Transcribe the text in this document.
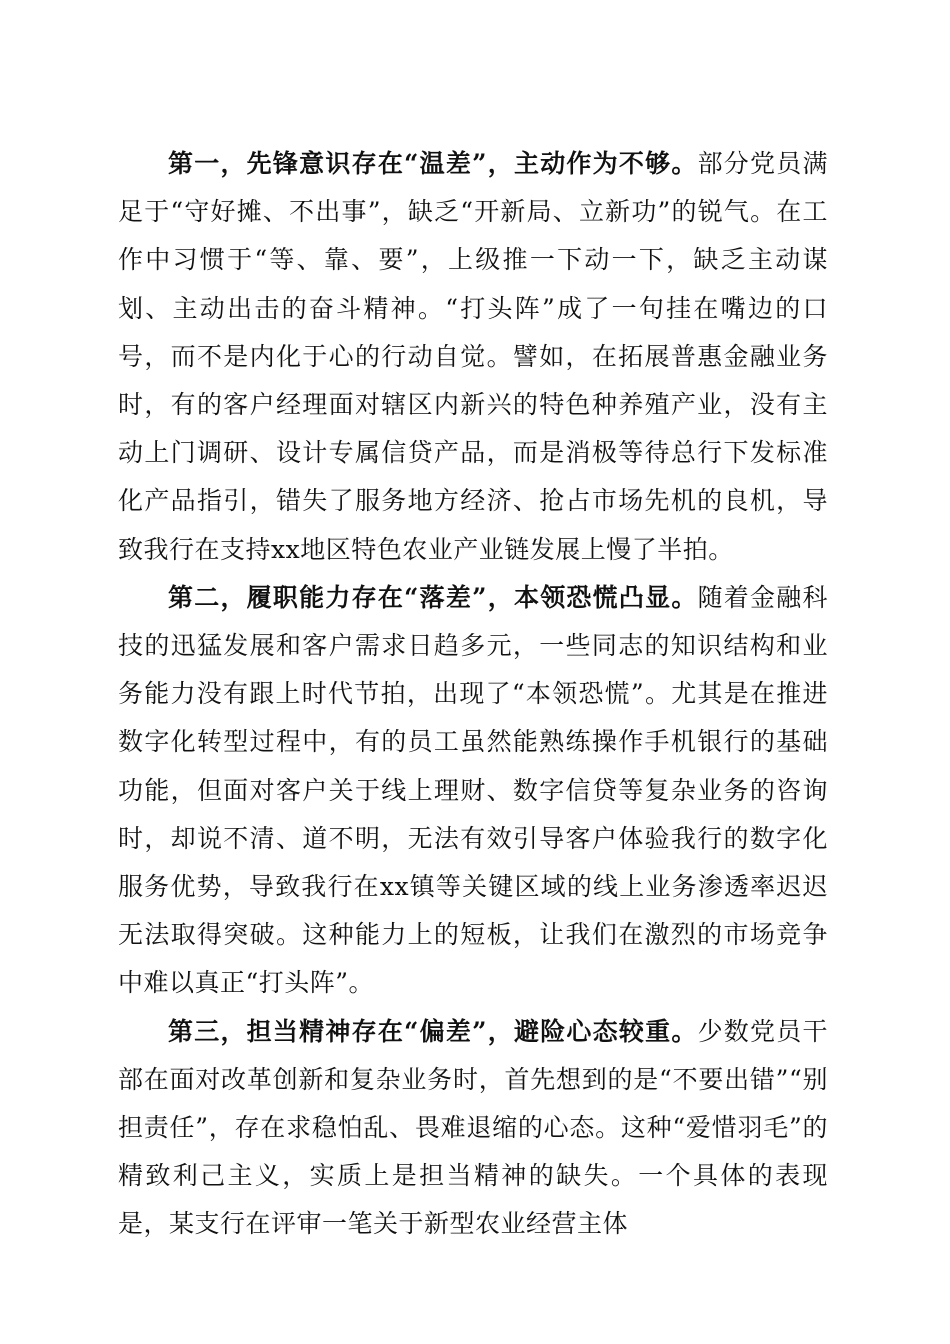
第一，先锋意识存在“温差”，主动作为不够。部分党员满足于“守好摊、不出事”，缺乏“开新局、立新功”的锐气。在工作中习惯于“等、靠、要”，上级推一下动一下，缺乏主动谋划、主动出击的奋斗精神。“打头阵”成了一句挂在嘴边的口号，而不是内化于心的行动自觉。譬如，在拓展普惠金融业务时，有的客户经理面对辖区内新兴的特色种养殖产业，没有主动上门调研、设计专属信贷产品，而是消极等待总行下发标准化产品指引，错失了服务地方经济、抢占市场先机的良机，导致我行在支持xx地区特色农业产业链发展上慢了半拍。

第二，履职能力存在“落差”，本领恐慌凸显。随着金融科技的迅猛发展和客户需求日趋多元，一些同志的知识结构和业务能力没有跟上时代节拍，出现了“本领恐慌”。尤其是在推进数字化转型过程中，有的员工虽然能熟练操作手机银行的基础功能，但面对客户关于线上理财、数字信贷等复杂业务的咨询时，却说不清、道不明，无法有效引导客户体验我行的数字化服务优势，导致我行在xx镇等关键区域的线上业务渗透率迟迟无法取得突破。这种能力上的短板，让我们在激烈的市场竞争中难以真正“打头阵”。

第三，担当精神存在“偏差”，避险心态较重。少数党员干部在面对改革创新和复杂业务时，首先想到的是“不要出错”“别担责任”，存在求稳怕乱、畏难退缩的心态。这种“爱惜羽毛”的精致利己主义，实质上是担当精神的缺失。一个具体的表现是，某支行在评审一笔关于新型农业经营主体
